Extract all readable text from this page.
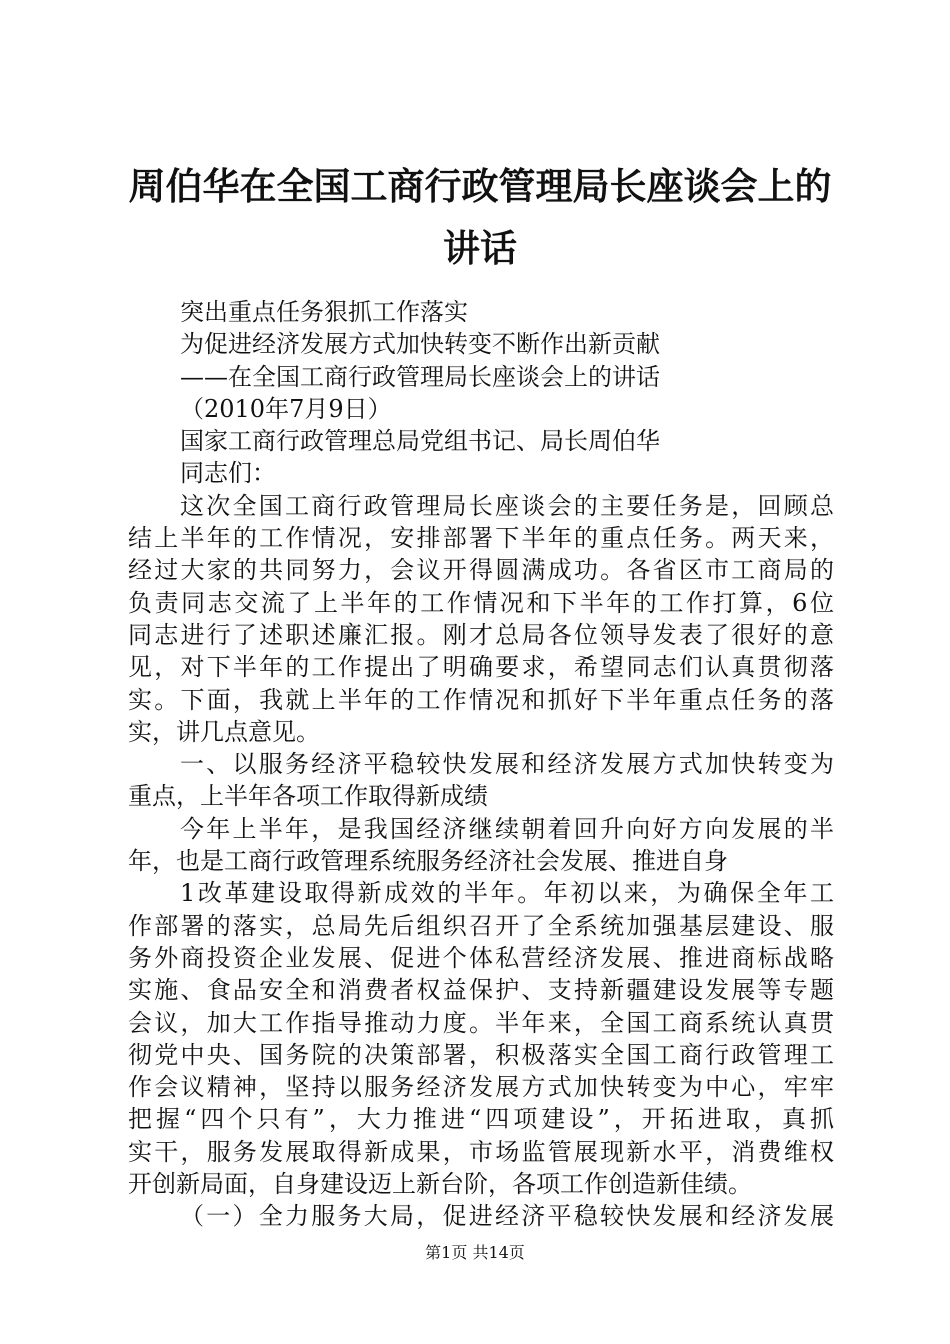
周伯华在全国工商行政管理局长座谈会上的讲话
突出重点任务狠抓工作落实
为促进经济发展方式加快转变不断作出新贡献
——在全国工商行政管理局长座谈会上的讲话
（2010年7月9日）
国家工商行政管理总局党组书记、局长周伯华
同志们：
这次全国工商行政管理局长座谈会的主要任务是，回顾总
结上半年的工作情况，安排部署下半年的重点任务。两天来，
经过大家的共同努力，会议开得圆满成功。各省区市工商局的
负责同志交流了上半年的工作情况和下半年的工作打算，6位
同志进行了述职述廉汇报。刚才总局各位领导发表了很好的意
见，对下半年的工作提出了明确要求，希望同志们认真贯彻落
实。下面，我就上半年的工作情况和抓好下半年重点任务的落
实，讲几点意见。
一、以服务经济平稳较快发展和经济发展方式加快转变为
重点，上半年各项工作取得新成绩
今年上半年，是我国经济继续朝着回升向好方向发展的半
年，也是工商行政管理系统服务经济社会发展、推进自身
1改革建设取得新成效的半年。年初以来，为确保全年工
作部署的落实，总局先后组织召开了全系统加强基层建设、服
务外商投资企业发展、促进个体私营经济发展、推进商标战略
实施、食品安全和消费者权益保护、支持新疆建设发展等专题
会议，加大工作指导推动力度。半年来，全国工商系统认真贯
彻党中央、国务院的决策部署，积极落实全国工商行政管理工
作会议精神，坚持以服务经济发展方式加快转变为中心，牢牢
把握“四个只有”，大力推进“四项建设”，开拓进取，真抓
实干，服务发展取得新成果，市场监管展现新水平，消费维权
开创新局面，自身建设迈上新台阶，各项工作创造新佳绩。
（一）全力服务大局，促进经济平稳较快发展和经济发展
第1页 共14页
